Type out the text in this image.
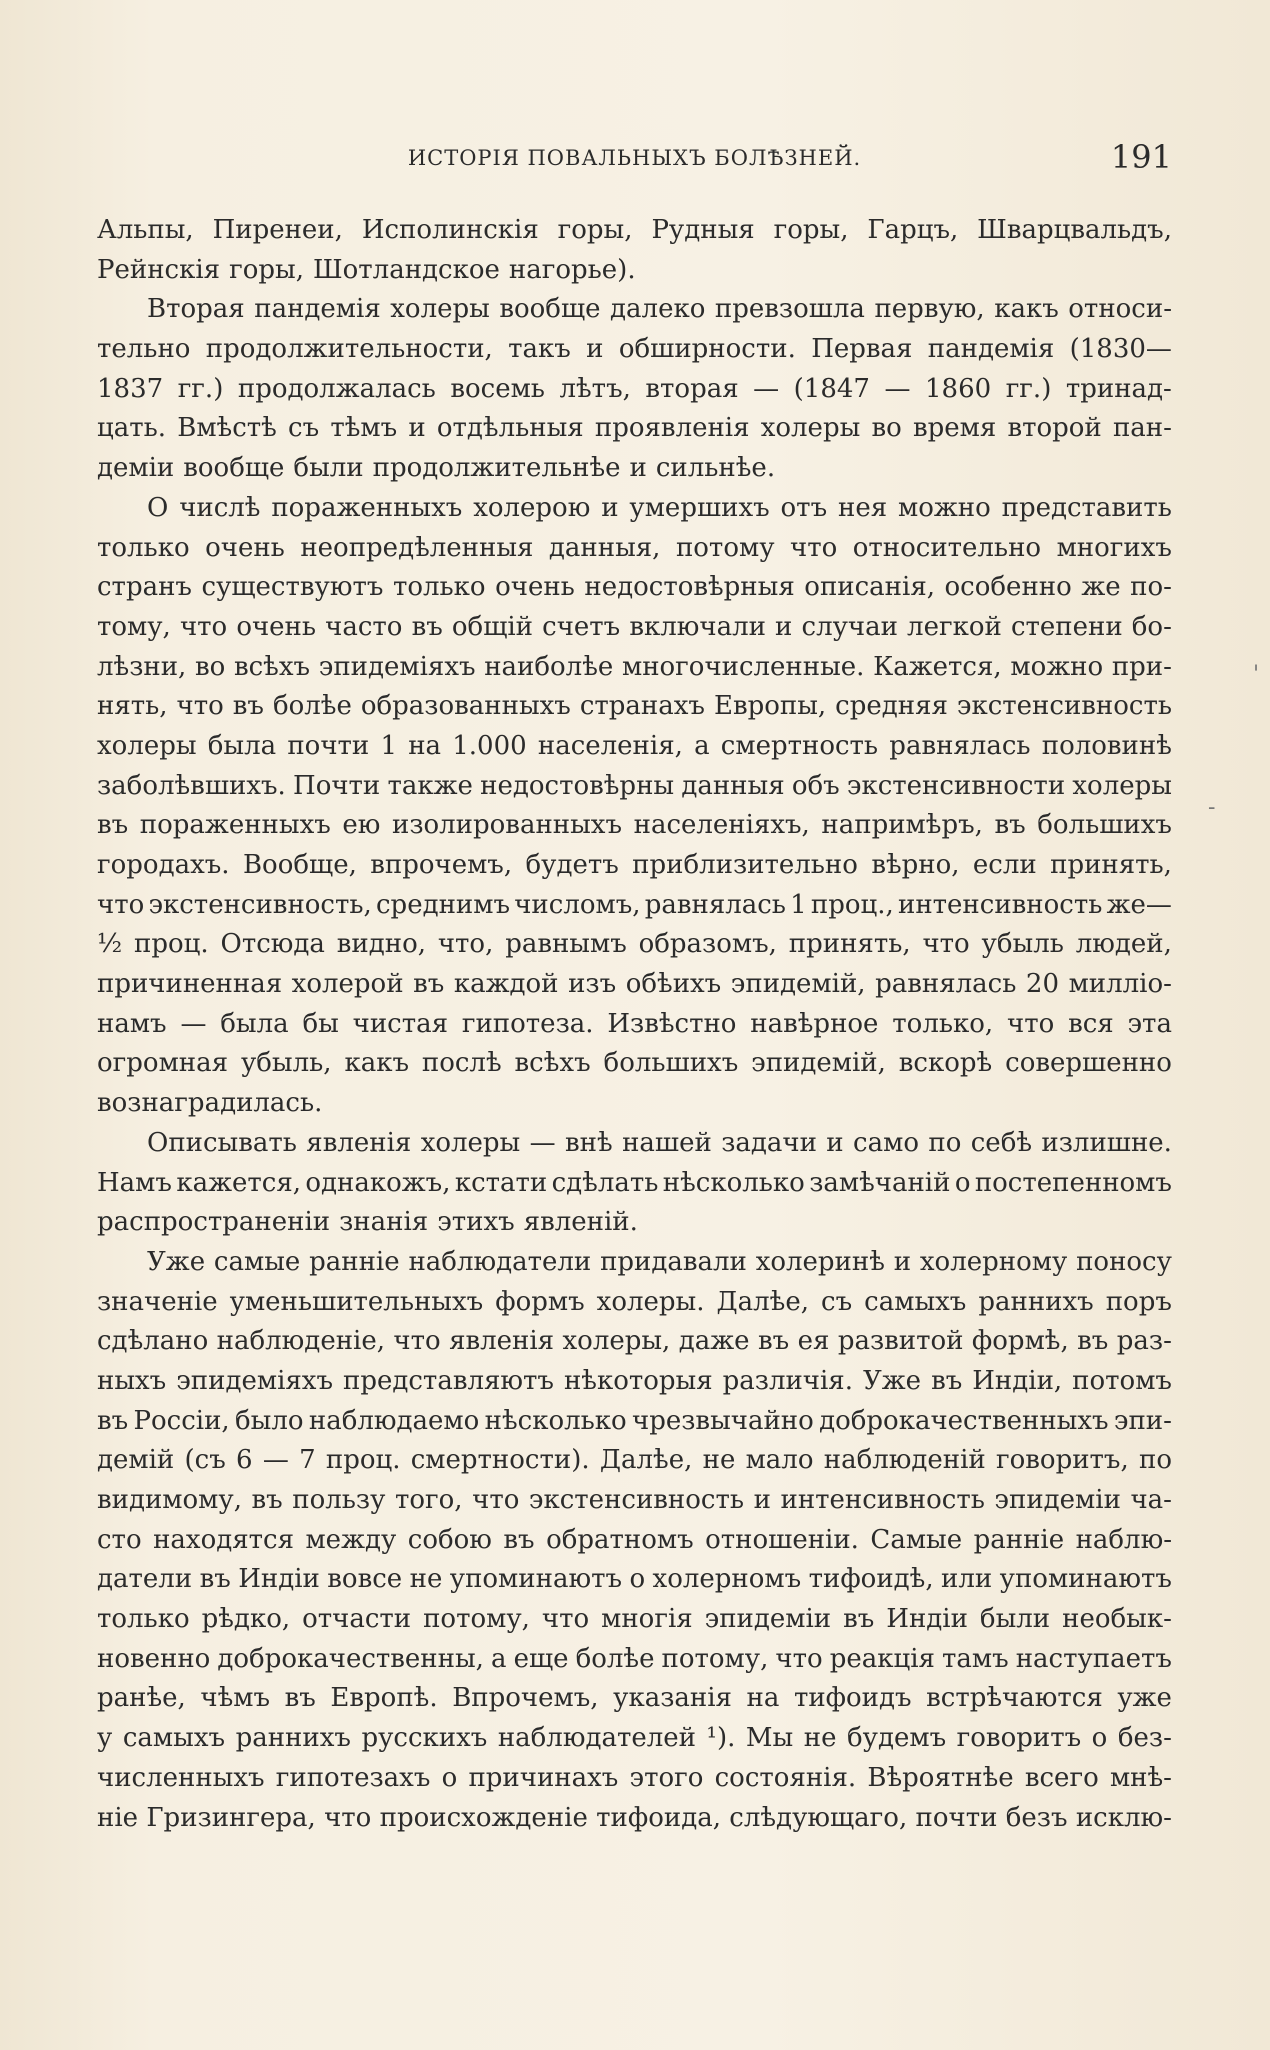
ИСТОРІЯ ПОВАЛЬНЫХЪ БОЛѢЗНЕЙ.	191
Альпы, Пиренеи, Исполинскія горы, Рудныя горы, Гарцъ, Шварцвальдъ,
Рейнскія горы, Шотландское нагорье).
Вторая пандемія холеры вообще далеко превзошла первую, какъ относи-
тельно продолжительности, такъ и обширности. Первая пандемія (1830—
1837 гг.) продолжалась восемь лѣтъ, вторая — (1847 — 1860 гг.) тринад-
цать. Вмѣстѣ съ тѣмъ и отдѣльныя проявленія холеры во время второй пан-
деміи вообще были продолжительнѣе и сильнѣе.
О числѣ пораженныхъ холерою и умершихъ отъ нея можно представить
только очень неопредѣленныя данныя, потому что относительно многихъ
странъ существуютъ только очень недостовѣрныя описанія, особенно же по-
тому, что очень часто въ общій счетъ включали и случаи легкой степени бо-
лѣзни, во всѣхъ эпидеміяхъ наиболѣе многочисленные. Кажется, можно при-
нять, что въ болѣе образованныхъ странахъ Европы, средняя экстенсивность
холеры была почти 1 на 1.000 населенія, а смертность равнялась половинѣ
заболѣвшихъ. Почти также недостовѣрны данныя объ экстенсивности холеры
въ пораженныхъ ею изолированныхъ населеніяхъ, напримѣръ, въ большихъ
городахъ. Вообще, впрочемъ, будетъ приблизительно вѣрно, если принять,
что экстенсивность, среднимъ числомъ, равнялась 1 проц., интенсивность же—
½ проц. Отсюда видно, что, равнымъ образомъ, принять, что убыль людей,
причиненная холерой въ каждой изъ обѣихъ эпидемій, равнялась 20 милліо-
намъ — была бы чистая гипотеза. Извѣстно навѣрное только, что вся эта
огромная убыль, какъ послѣ всѣхъ большихъ эпидемій, вскорѣ совершенно
вознаградилась.
Описывать явленія холеры — внѣ нашей задачи и само по себѣ излишне.
Намъ кажется, однакожъ, кстати сдѣлать нѣсколько замѣчаній о постепенномъ
распространеніи знанія этихъ явленій.
Уже самые ранніе наблюдатели придавали холеринѣ и холерному поносу
значеніе уменьшительныхъ формъ холеры. Далѣе, съ самыхъ раннихъ поръ
сдѣлано наблюденіе, что явленія холеры, даже въ ея развитой формѣ, въ раз-
ныхъ эпидеміяхъ представляютъ нѣкоторыя различія. Уже въ Индіи, потомъ
въ Россіи, было наблюдаемо нѣсколько чрезвычайно доброкачественныхъ эпи-
демій (съ 6 — 7 проц. смертности). Далѣе, не мало наблюденій говоритъ, по
видимому, въ пользу того, что экстенсивность и интенсивность эпидеміи ча-
сто находятся между собою въ обратномъ отношеніи. Самые ранніе наблю-
датели въ Индіи вовсе не упоминаютъ о холерномъ тифоидѣ, или упоминаютъ
только рѣдко, отчасти потому, что многія эпидеміи въ Индіи были необык-
новенно доброкачественны, а еще болѣе потому, что реакція тамъ наступаетъ
ранѣе, чѣмъ въ Европѣ. Впрочемъ, указанія на тифоидъ встрѣчаются уже
у самыхъ раннихъ русскихъ наблюдателей ¹). Мы не будемъ говоритъ о без-
численныхъ гипотезахъ о причинахъ этого состоянія. Вѣроятнѣе всего мнѣ-
ніе Гризингера, что происхожденіе тифоида, слѣдующаго, почти безъ исклю-
'
-
